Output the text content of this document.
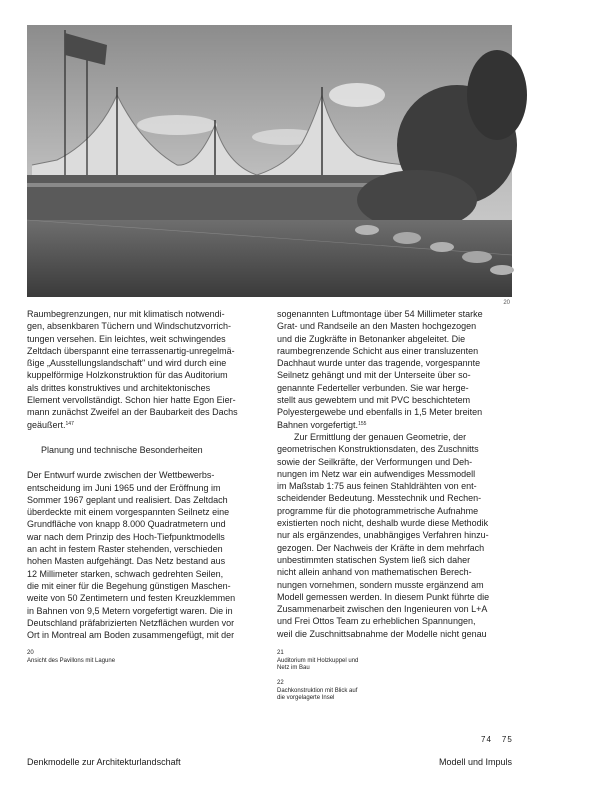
20

Raumbegrenzungen, nur mit klimatisch notwendi-
gen, absenkbaren Tüchern und Windschutzvorrich-
tungen versehen. Ein leichtes, weit schwingendes
Zeltdach überspannt eine terrassenartig-unregelmä-
ßige „Ausstellungslandschaft" und wird durch eine
kuppelförmige Holzkonstruktion für das Auditorium
als drittes konstruktives und architektonisches
Element vervollständigt. Schon hier hatte Egon Eier-
mann zunächst Zweifel an der Baubarkeit des Dachs
geäußert.$^{147}$

Planung und technische Besonderheiten

Der Entwurf wurde zwischen der Wettbewerbs-
entscheidung im Juni 1965 und der Eröffnung im
Sommer 1967 geplant und realisiert. Das Zeltdach
überdeckte mit einem vorgespannten Seilnetz eine
Grundfläche von knapp 8.000 Quadratmetern und
war nach dem Prinzip des Hoch-Tiefpunktmodells
an acht in festem Raster stehenden, verschieden
hohen Masten aufgehängt. Das Netz bestand aus
12 Millimeter starken, schwach gedrehten Seilen,
die mit einer für die Begehung günstigen Maschen-
weite von 50 Zentimetern und festen Kreuzklemmen
in Bahnen von 9,5 Metern vorgefertigt waren. Die in
Deutschland präfabrizierten Netzflächen wurden vor
Ort in Montreal am Boden zusammengefügt, mit der

sogenannten Luftmontage über 54 Millimeter starke
Grat- und Randseile an den Masten hochgezogen
und die Zugkräfte in Betonanker abgeleitet. Die
raumbegrenzende Schicht aus einer transluzenten
Dachhaut wurde unter das tragende, vorgespannte
Seilnetz gehängt und mit der Unterseite über so-
genannte Federteller verbunden. Sie war herge-
stellt aus gewebtem und mit PVC beschichtetem
Polyestergewebe und ebenfalls in 1,5 Meter breiten
Bahnen vorgefertigt.$^{155}$

Zur Ermittlung der genauen Geometrie, der
geometrischen Konstruktionsdaten, des Zuschnitts
sowie der Seilkräfte, der Verformungen und Deh-
nungen im Netz war ein aufwendiges Messmodell
im Maßstab 1:75 aus feinen Stahldrähten von ent-
scheidender Bedeutung. Messtechnik und Rechen-
programme für die photogrammetrische Aufnahme
existierten noch nicht, deshalb wurde diese Methodik
nur als ergänzendes, unabhängiges Verfahren hinzu-
gezogen. Der Nachweis der Kräfte in dem mehrfach
unbestimmten statischen System ließ sich daher
nicht allein anhand von mathematischen Berech-
nungen vornehmen, sondern musste ergänzend am
Modell gemessen werden. In diesem Punkt führte die
Zusammenarbeit zwischen den Ingenieuren von L+A
und Frei Ottos Team zu erheblichen Spannungen,
weil die Zuschnittsabnahme der Modelle nicht genau

20
Ansicht des Pavillons mit Lagune
21
Auditorium mit Holzkuppel und
Netz im Bau
22
Dachkonstruktion mit Blick auf
die vorgelagerte Insel
74 75
Denkmodelle zur Architekturlandschaft	Modell und Impuls
